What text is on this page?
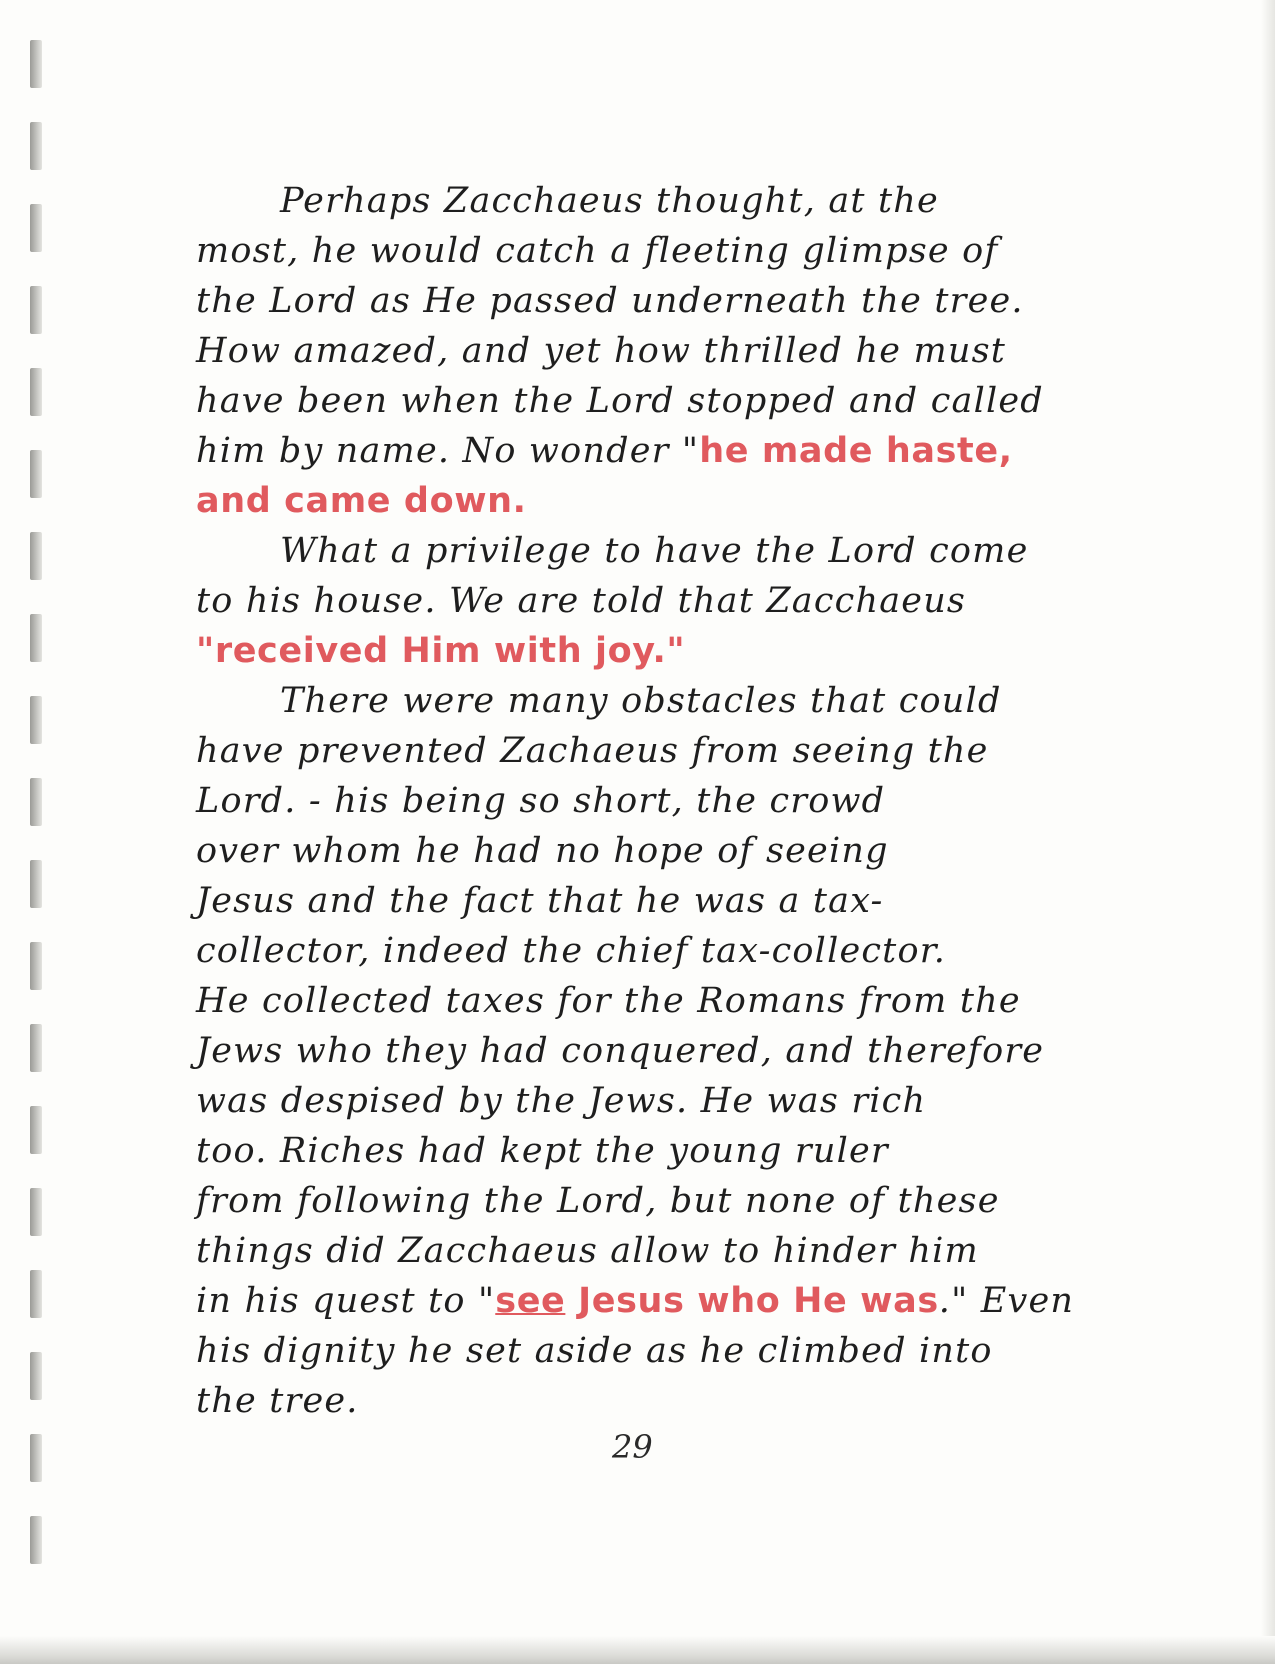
Perhaps Zacchaeus thought, at the
most, he would catch a fleeting glimpse of
the Lord as He passed underneath the tree.
How amazed, and yet how thrilled he must
have been when the Lord stopped and called
him by name. No wonder "he made haste,
and came down.
What a privilege to have the Lord come
to his house. We are told that Zacchaeus
"received Him with joy."
There were many obstacles that could
have prevented Zachaeus from seeing the
Lord. - his being so short, the crowd
over whom he had no hope of seeing
Jesus and the fact that he was a tax-
collector, indeed the chief tax-collector.
He collected taxes for the Romans from the
Jews who they had conquered, and therefore
was despised by the Jews. He was rich
too. Riches had kept the young ruler
from following the Lord, but none of these
things did Zacchaeus allow to hinder him
in his quest to "see Jesus who He was." Even
his dignity he set aside as he climbed into
the tree.
29
